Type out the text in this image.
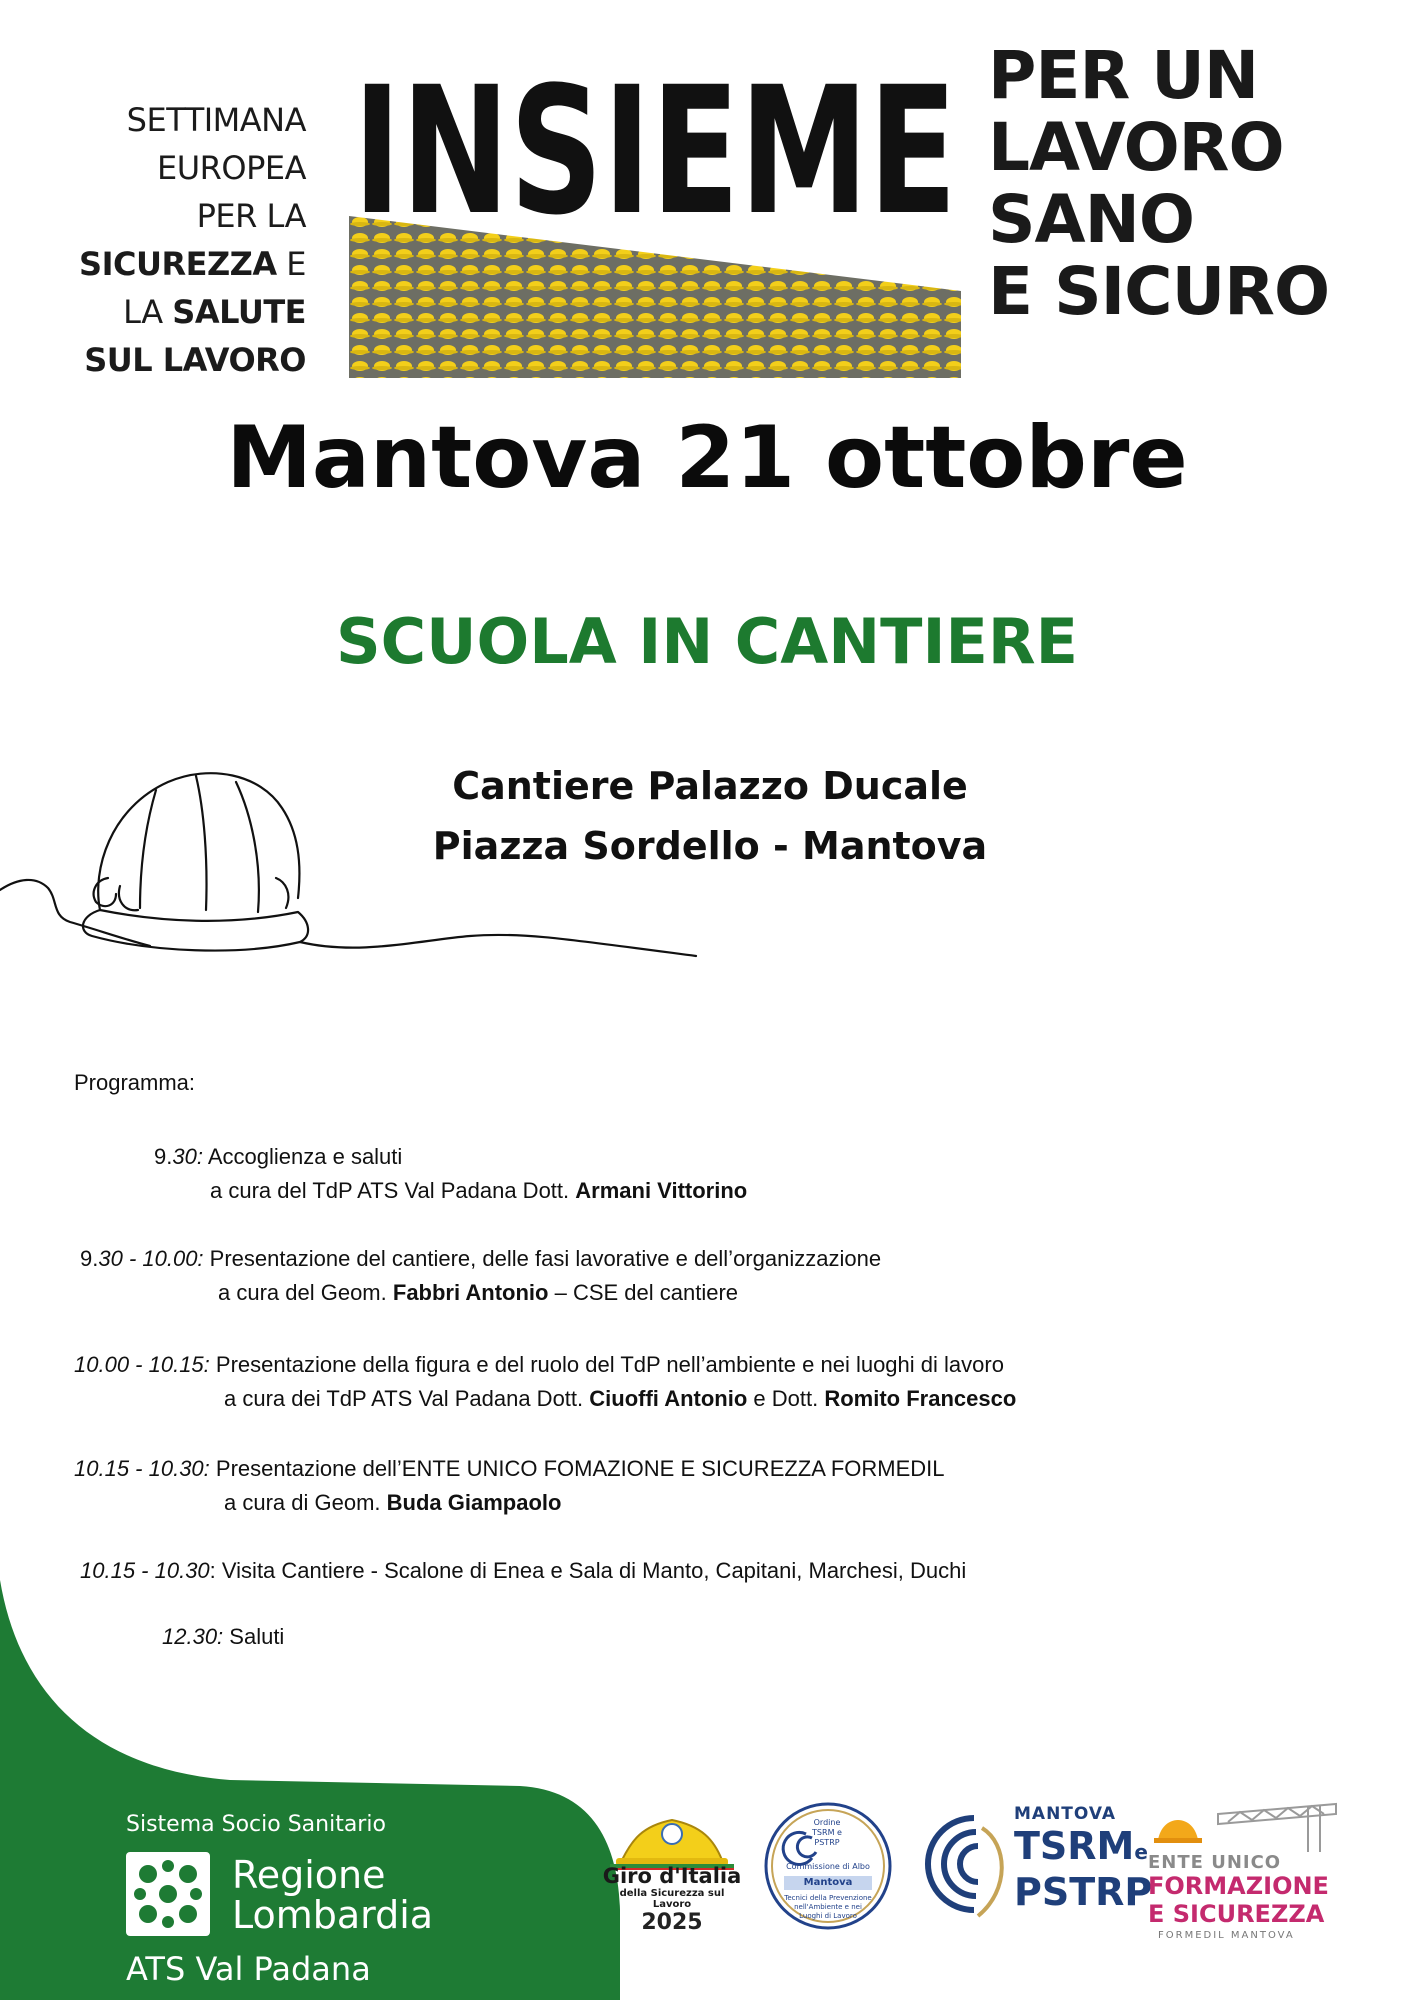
SETTIMANA
EUROPEA
PER LA
SICUREZZA E
LA SALUTE
SUL LAVORO
INSIEME PER UN
LAVORO
SANO
E SICURO
Mantova 21 ottobre
SCUOLA IN CANTIERE
Cantiere Palazzo Ducale
Piazza Sordello - Mantova
Programma:
9.30: Accoglienza e saluti
a cura del TdP ATS Val Padana Dott. Armani Vittorino
9.30 - 10.00: Presentazione del cantiere, delle fasi lavorative e dell’organizzazione
a cura del Geom. Fabbri Antonio – CSE del cantiere
10.00 - 10.15: Presentazione della figura e del ruolo del TdP nell’ambiente e nei luoghi di lavoro
a cura dei TdP ATS Val Padana Dott. Ciuoffi Antonio e Dott. Romito Francesco
10.15 - 10.30: Presentazione dell’ENTE UNICO FOMAZIONE E SICUREZZA FORMEDIL
a cura di Geom. Buda Giampaolo
10.15 - 10.30: Visita Cantiere - Scalone di Enea e Sala di Manto, Capitani, Marchesi, Duchi
12.30: Saluti
Sistema Socio Sanitario
Regione
Lombardia
ATS Val Padana
Giro d'Italia
della Sicurezza sul Lavoro
2025
Ordine
TSRM e
PSTRP
Commissione di Albo
Mantova
Tecnici della Prevenzione
nell'Ambiente e nei
Luoghi di Lavoro
MANTOVA
TSRMe
PSTRP
ENTE UNICO
FORMAZIONE
E SICUREZZA
FORMEDIL MANTOVA
